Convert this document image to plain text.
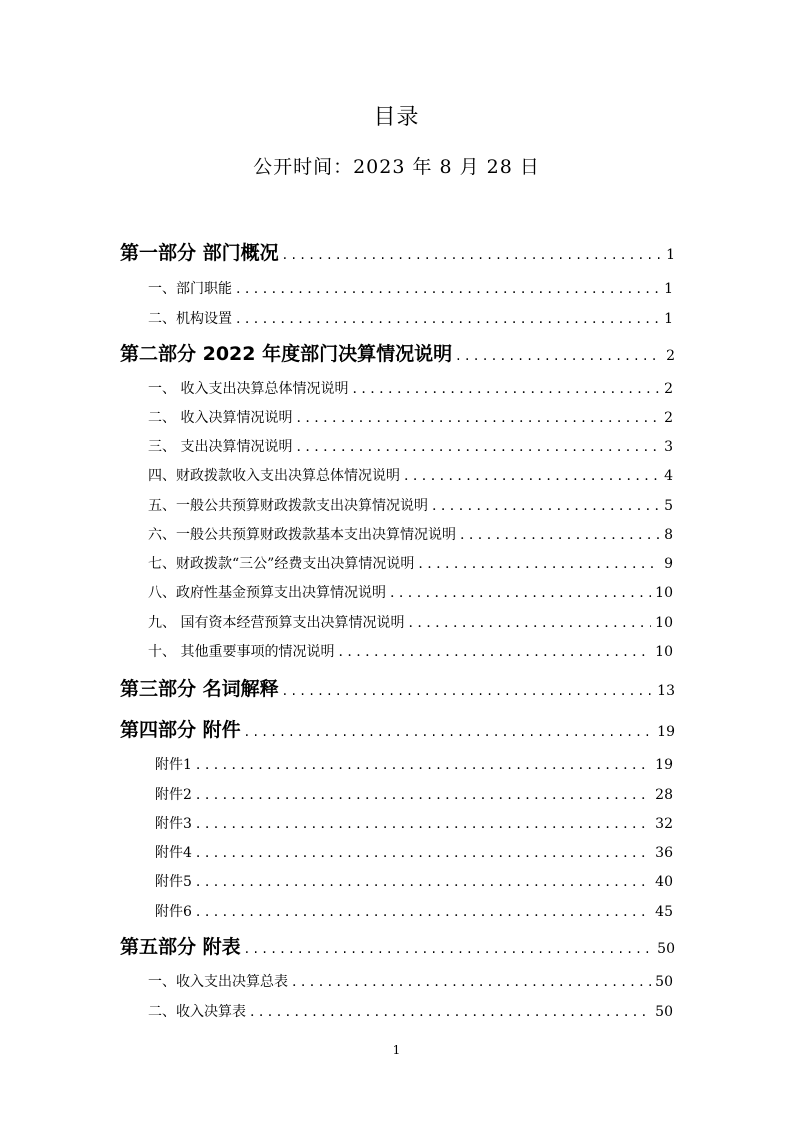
目录
公开时间：2023 年 8 月 28 日
第一部分 部门概况 . . .	1
一、部门职能 . . .	1
二、机构设置 . . .	1
第二部分 2022 年度部门决算情况说明 . . .	2
一、 收入支出决算总体情况说明 . . .	2
二、 收入决算情况说明 . . .	2
三、 支出决算情况说明 . . .	3
四、财政拨款收入支出决算总体情况说明 . . .	4
五、一般公共预算财政拨款支出决算情况说明 . . .	5
六、一般公共预算财政拨款基本支出决算情况说明 . . .	8
七、财政拨款“三公”经费支出决算情况说明 . . .	9
八、政府性基金预算支出决算情况说明 . . .	10
九、 国有资本经营预算支出决算情况说明 . . .	10
十、 其他重要事项的情况说明 . . .	10
第三部分 名词解释 . . .	13
第四部分 附件 . . .	19
附件1 . . .	19
附件2 . . .	28
附件3 . . .	32
附件4 . . .	36
附件5 . . .	40
附件6 . . .	45
第五部分 附表 . . .	50
一、收入支出决算总表 . . .	50
二、收入决算表 . . .	50
1
